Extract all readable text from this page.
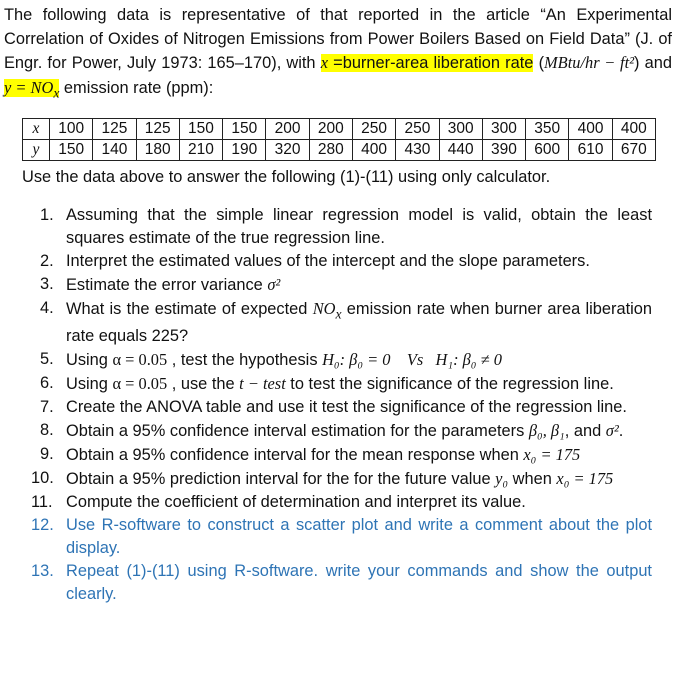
The following data is representative of that reported in the article “An Experimental Correlation of Oxides of Nitrogen Emissions from Power Boilers Based on Field Data” (J. of Engr. for Power, July 1973: 165–170), with x =burner-area liberation rate (MBtu/hr − ft²) and $y = NO_x$ emission rate (ppm):
x	100	125	125	150	150	200	200	250	250	300	300	350	400	400
y	150	140	180	210	190	320	280	400	430	440	390	600	610	670
Use the data above to answer the following (1)-(11) using only calculator.
1. Assuming that the simple linear regression model is valid, obtain the least squares estimate of the true regression line.
2. Interpret the estimated values of the intercept and the slope parameters.
3. Estimate the error variance σ²
4. What is the estimate of expected $NO_x$ emission rate when burner area liberation rate equals 225?
5. Using α = 0.05 , test the hypothesis H₀: β₀ = 0    Vs   H₁: β₀ ≠ 0
6. Using α = 0.05 , use the t − test to test the significance of the regression line.
7. Create the ANOVA table and use it test the significance of the regression line.
8. Obtain a 95% confidence interval estimation for the parameters β₀, β₁, and σ².
9. Obtain a 95% confidence interval for the mean response when x₀ = 175
10. Obtain a 95% prediction interval for the for the future value y₀ when x₀ = 175
11. Compute the coefficient of determination and interpret its value.
12. Use R-software to construct a scatter plot and write a comment about the plot display.
13. Repeat (1)-(11) using R-software. write your commands and show the output clearly.
